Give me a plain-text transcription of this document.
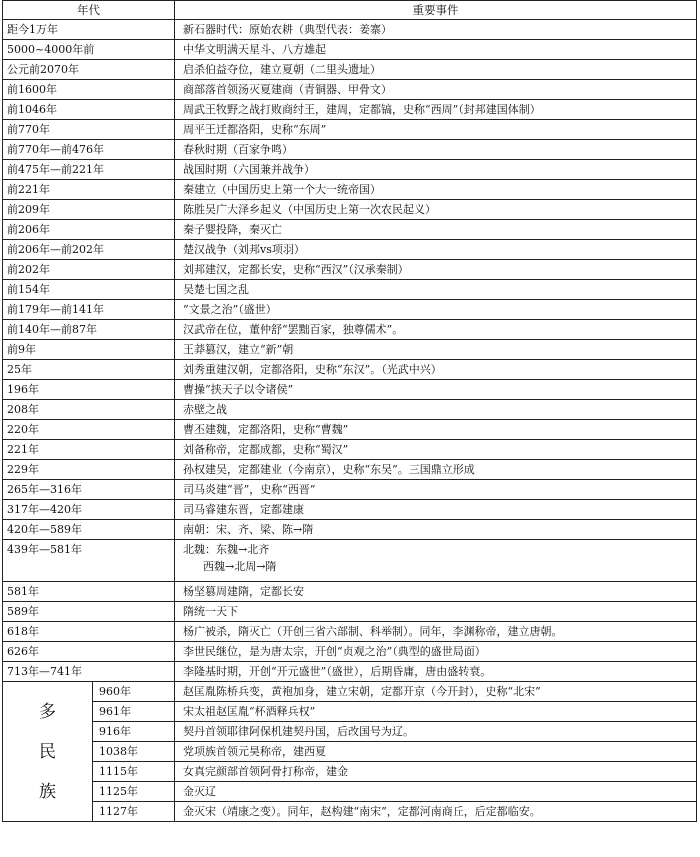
年代		重要事件
距今1万年		新石器时代：原始农耕（典型代表：姜寨）
5000~4000年前		中华文明满天星斗、八方雄起
公元前2070年		启杀伯益夺位，建立夏朝（二里头遗址）
前1600年		商部落首领汤灭夏建商（青铜器、甲骨文）
前1046年		周武王牧野之战打败商纣王，建周，定都镐，史称“西周”（封邦建国体制）
前770年		周平王迁都洛阳，史称“东周”
前770年—前476年		春秋时期（百家争鸣）
前475年—前221年		战国时期（六国兼并战争）
前221年		秦建立（中国历史上第一个大一统帝国）
前209年		陈胜吴广大泽乡起义（中国历史上第一次农民起义）
前206年		秦子婴投降，秦灭亡
前206年—前202年		楚汉战争（刘邦vs项羽）
前202年		刘邦建汉，定都长安，史称“西汉”（汉承秦制）
前154年		吴楚七国之乱
前179年—前141年		“文景之治”（盛世）
前140年—前87年		汉武帝在位，董仲舒“罢黜百家，独尊儒术”。
前9年		王莽篡汉，建立“新”朝
25年		刘秀重建汉朝，定都洛阳，史称“东汉”。（光武中兴）
196年		曹操“挟天子以令诸侯”
208年		赤壁之战
220年		曹丕建魏，定都洛阳，史称“曹魏”
221年		刘备称帝，定都成都，史称“蜀汉”
229年		孙权建吴，定都建业（今南京），史称“东吴”。三国鼎立形成
265年—316年		司马炎建“晋”，史称“西晋”
317年—420年		司马睿建东晋，定都建康
420年—589年		南朝：宋、齐、梁、陈→隋
439年—581年		北魏：东魏→北齐
西魏→北周→隋

581年		杨坚篡周建隋，定都长安
589年		隋统一天下
618年		杨广被杀，隋灭亡（开创三省六部制、科举制）。同年，李渊称帝，建立唐朝。
626年		李世民继位，是为唐太宗，开创“贞观之治”（典型的盛世局面）
713年—741年		李隆基时期，开创“开元盛世”（盛世），后期昏庸，唐由盛转衰。

多
民
族	960年	赵匡胤陈桥兵变，黄袍加身，建立宋朝，定都开京（今开封），史称“北宋”
	961年	宋太祖赵匡胤“杯酒释兵权”
	916年	契丹首领耶律阿保机建契丹国，后改国号为辽。
	1038年	党项族首领元昊称帝，建西夏
	1115年	女真完颜部首领阿骨打称帝，建金
	1125年	金灭辽
	1127年	金灭宋（靖康之变）。同年，赵构建“南宋”，定都河南商丘，后定都临安。
